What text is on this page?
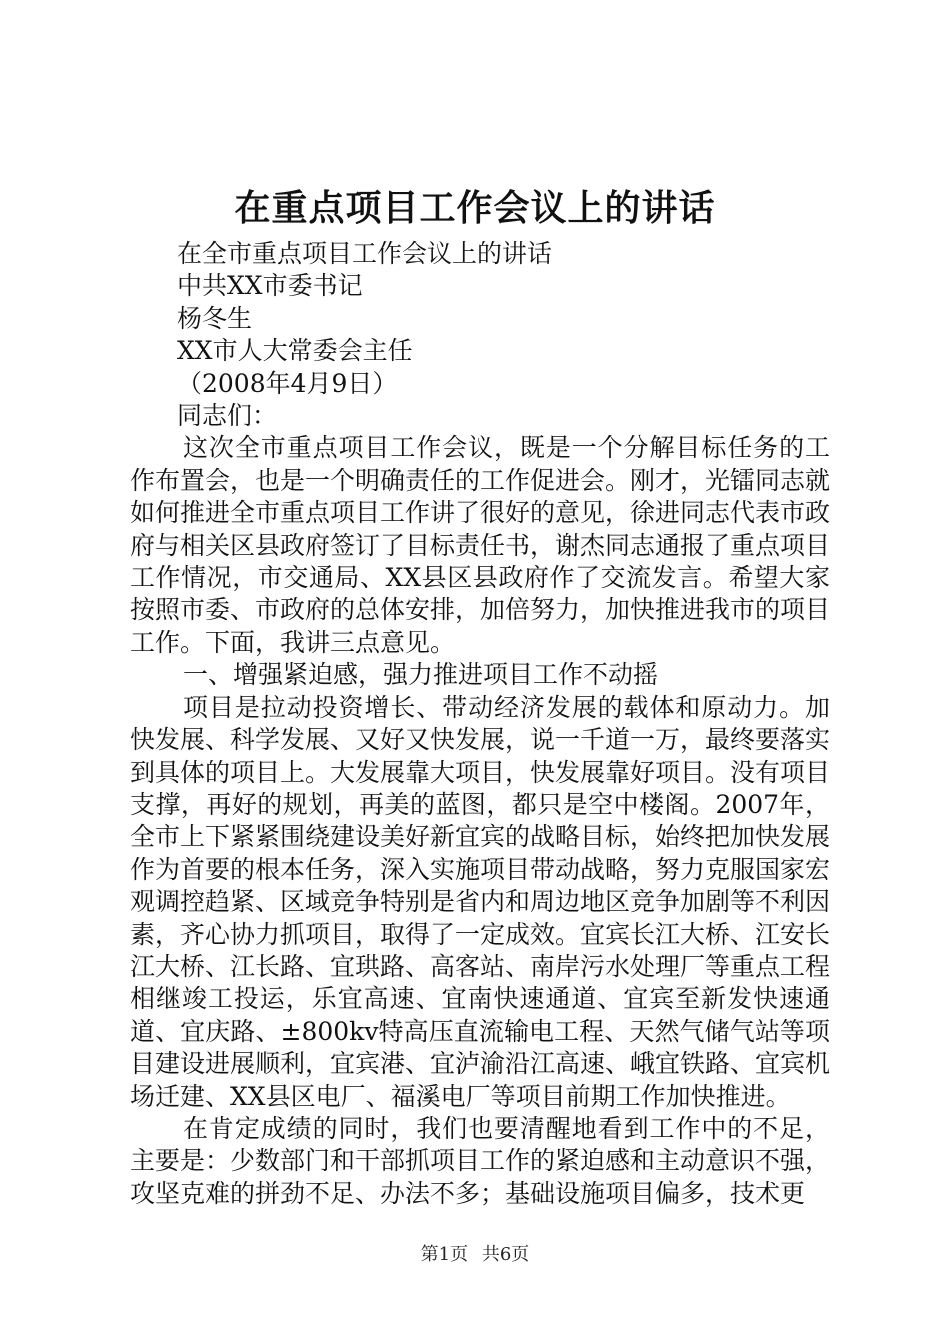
在重点项目工作会议上的讲话
在全市重点项目工作会议上的讲话
中共XX市委书记
杨冬生
XX市人大常委会主任
（2008年4月9日）
同志们：

这次全市重点项目工作会议，既是一个分解目标任务的工作布置会，也是一个明确责任的工作促进会。刚才，光镭同志就如何推进全市重点项目工作讲了很好的意见，徐进同志代表市政府与相关区县政府签订了目标责任书，谢杰同志通报了重点项目工作情况，市交通局、XX县区县政府作了交流发言。希望大家按照市委、市政府的总体安排，加倍努力，加快推进我市的项目工作。下面，我讲三点意见。

一、增强紧迫感，强力推进项目工作不动摇

项目是拉动投资增长、带动经济发展的载体和原动力。加快发展、科学发展、又好又快发展，说一千道一万，最终要落实到具体的项目上。大发展靠大项目，快发展靠好项目。没有项目支撑，再好的规划，再美的蓝图，都只是空中楼阁。2007年，全市上下紧紧围绕建设美好新宜宾的战略目标，始终把加快发展作为首要的根本任务，深入实施项目带动战略，努力克服国家宏观调控趋紧、区域竞争特别是省内和周边地区竞争加剧等不利因素，齐心协力抓项目，取得了一定成效。宜宾长江大桥、江安长江大桥、江长路、宜珙路、高客站、南岸污水处理厂等重点工程相继竣工投运，乐宜高速、宜南快速通道、宜宾至新发快速通道、宜庆路、±800kv特高压直流输电工程、天然气储气站等项目建设进展顺利，宜宾港、宜泸渝沿江高速、峨宜铁路、宜宾机场迁建、XX县区电厂、福溪电厂等项目前期工作加快推进。

在肯定成绩的同时，我们也要清醒地看到工作中的不足，主要是：少数部门和干部抓项目工作的紧迫感和主动意识不强，攻坚克难的拼劲不足、办法不多；基础设施项目偏多，技术更

第1页 共6页
